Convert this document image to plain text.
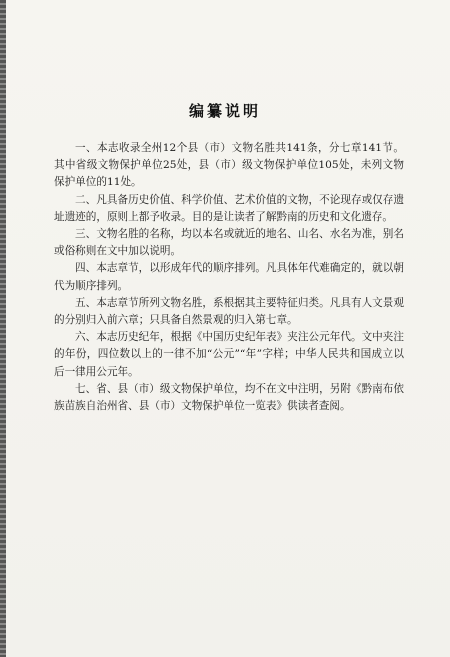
编纂说明

一、本志收录全州12个县（市）文物名胜共141条，分七章141节。其中省级文物保护单位25处，县（市）级文物保护单位105处，未列文物保护单位的11处。

二、凡具备历史价值、科学价值、艺术价值的文物，不论现存或仅存遗址遗迹的，原则上都予收录。目的是让读者了解黔南的历史和文化遗存。

三、文物名胜的名称，均以本名或就近的地名、山名、水名为准，别名或俗称则在文中加以说明。

四、本志章节，以形成年代的顺序排列。凡具体年代难确定的，就以朝代为顺序排列。

五、本志章节所列文物名胜，系根据其主要特征归类。凡具有人文景观的分别归入前六章；只具备自然景观的归入第七章。

六、本志历史纪年，根据《中国历史纪年表》夹注公元年代。文中夹注的年份，四位数以上的一律不加“公元”“年”字样；中华人民共和国成立以后一律用公元年。

七、省、县（市）级文物保护单位，均不在文中注明，另附《黔南布依族苗族自治州省、县（市）文物保护单位一览表》供读者查阅。
